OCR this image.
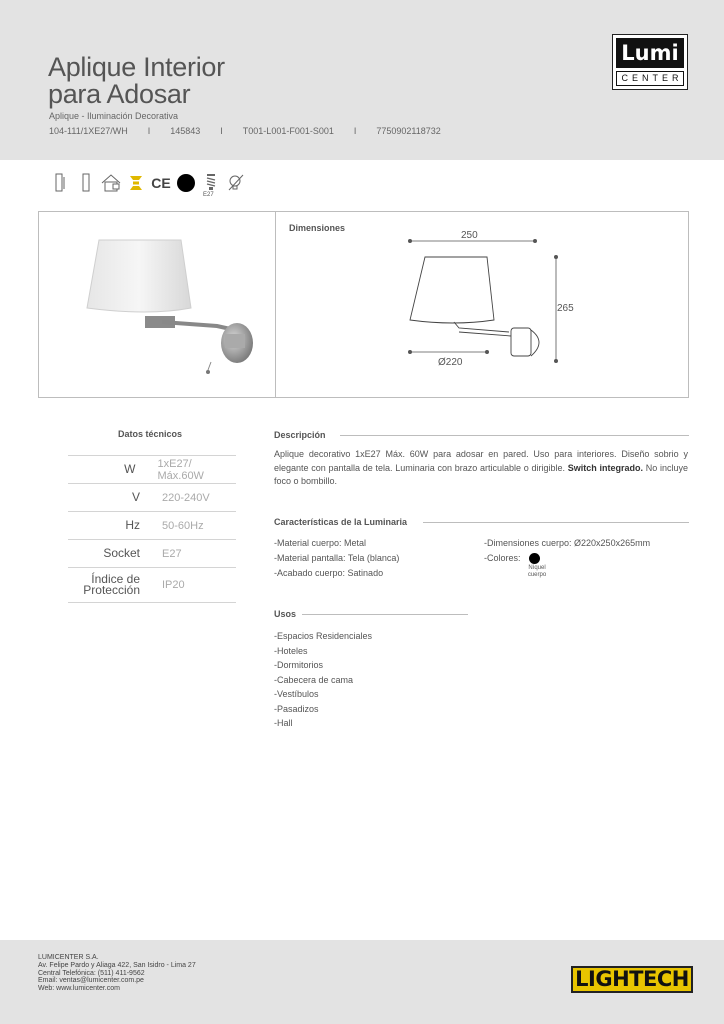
Aplique Interior
para Adosar
Aplique - Iluminación Decorativa
104-111/1XE27/WH I 145843 I T001-L001-F001-S001 I 7750902118732
Lumi
CENTER
CE
E27
Dimensiones
250
265
Ø220
Datos técnicos
W 1xE27/ Máx.60W
V 220-240V
Hz 50-60Hz
Socket E27
Índice de
Protección IP20
Descripción
Aplique decorativo 1xE27 Máx. 60W para adosar en pared. Uso para interiores. Diseño sobrio y elegante con pantalla de tela. Luminaria con brazo articulable o dirigible. Switch integrado. No incluye foco o bombillo.
Características de la Luminaria
-Material cuerpo: Metal
-Material pantalla: Tela (blanca)
-Acabado cuerpo: Satinado
-Dimensiones cuerpo: Ø220x250x265mm
-Colores:
Níquel
cuerpo
Usos
-Espacios Residenciales
-Hoteles
-Dormitorios
-Cabecera de cama
-Vestíbulos
-Pasadizos
-Hall
LUMICENTER S.A.
Av. Felipe Pardo y Aliaga 422, San Isidro - Lima 27
Central Telefónica: (511) 411-9562
Email: ventas@lumicenter.com.pe
Web: www.lumicenter.com	LIGHTECH
